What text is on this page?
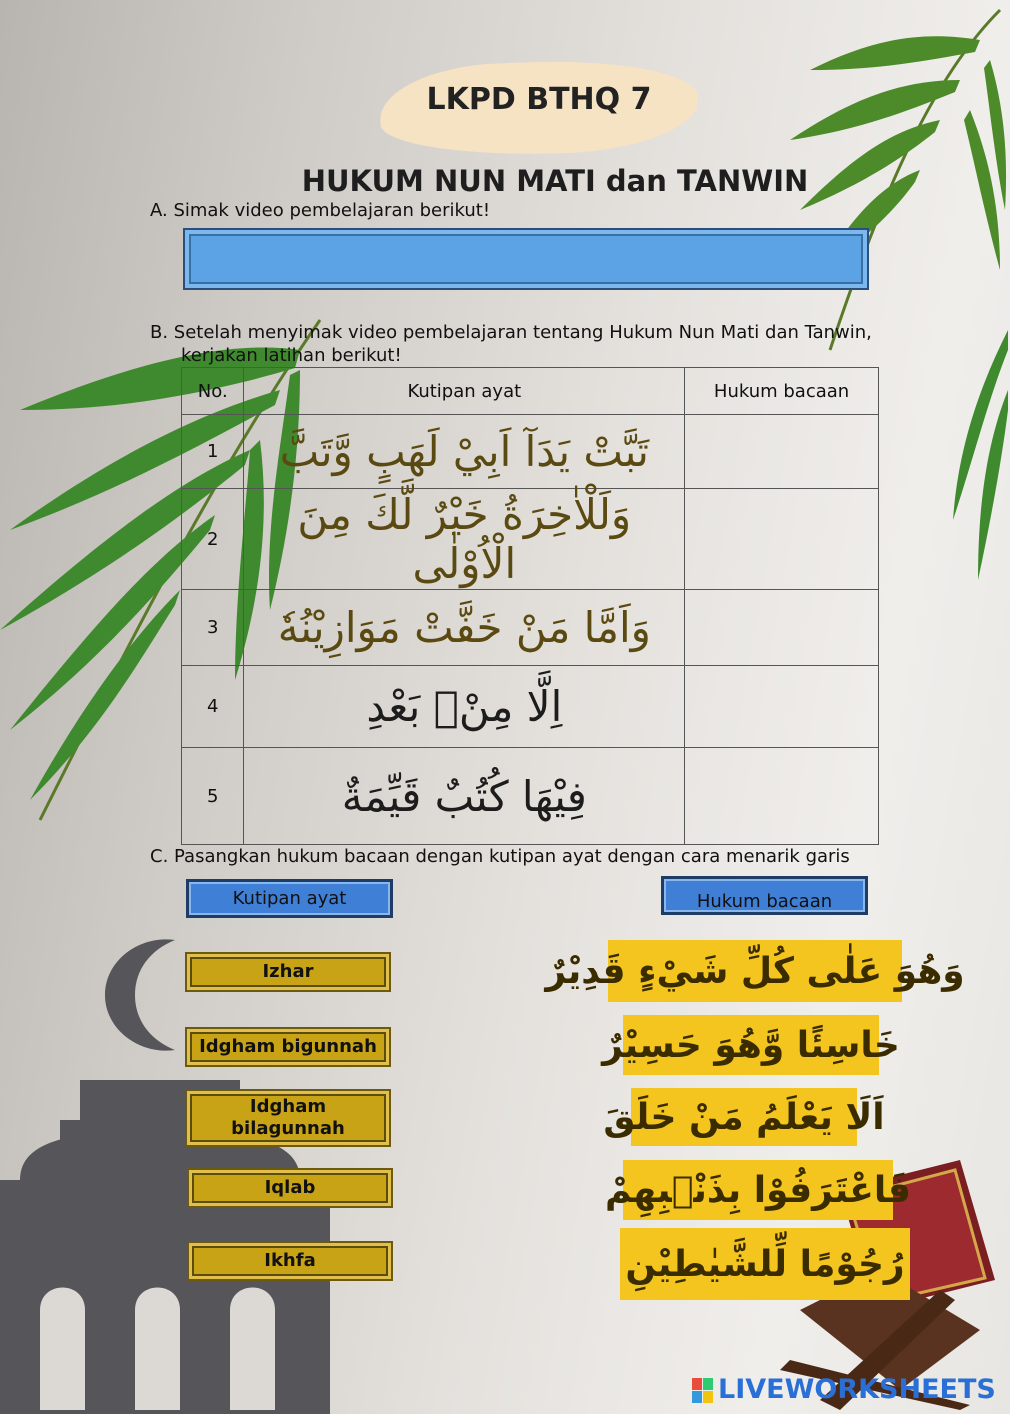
LKPD BTHQ 7
HUKUM NUN MATI dan TANWIN
A. Simak video pembelajaran berikut!
B. Setelah menyimak video pembelajaran tentang Hukum Nun Mati dan Tanwin,
kerjakan latihan berikut!
No.	Kutipan ayat	Hukum bacaan
1	تَبَّتْ يَدَآ اَبِيْ لَهَبٍ وَّتَبَّ	
2	وَلَلْاٰخِرَةُ خَيْرٌ لَّكَ مِنَ الْاُوْلٰى	
3	وَاَمَّا مَنْ خَفَّتْ مَوَازِيْنُهٗ	
4	اِلَّا مِنْۢ بَعْدِ	
5	فِيْهَا كُتُبٌ قَيِّمَةٌ	
C. Pasangkan hukum bacaan dengan kutipan ayat dengan cara menarik garis
Kutipan ayat	Hukum bacaan
Izhar
Idgham bigunnah
Idgham bilagunnah
Iqlab
Ikhfa
وَهُوَ عَلٰى كُلِّ شَيْءٍ قَدِيْرٌ
خَاسِئًا وَّهُوَ حَسِيْرٌ
اَلَا يَعْلَمُ مَنْ خَلَقَ
فَاعْتَرَفُوْا بِذَنْۢبِهِمْ
رُجُوْمًا لِّلشَّيٰطِيْنِ
LIVEWORKSHEETS
